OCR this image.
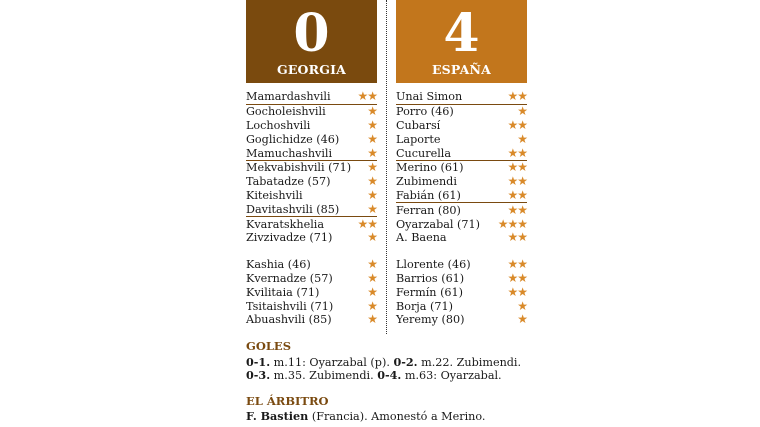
0
GEORGIA
Mamardashvili ★★
Gocholeishvili	★
Lochoshvili	★
Goglichidze (46) ★
Mamuchashvili	★
Mekvabishvili (71) ★
Tabatadze (57)	★
Kiteishvili	★
Davitashvili (85) ★
Kvaratskhelia	★★
Zivzivadze (71)	★
Kashia (46)	★
Kvernadze (57)	★
Kvilitaia (71)	★
Tsitaishvili (71)	★
Abuashvili (85)	★
4
ESPAÑA
Unai Simon	★★
Porro (46)	★
Cubarsí	★★
Laporte	★
Cucurella	★★
Merino (61)	★★
Zubimendi	★★
Fabián (61)	★★
Ferran (80)	★★
Oyarzabal (71) ★★★
A. Baena	★★
Llorente (46)	★★
Barrios (61)	★★
Fermín (61)	★★
Borja (71)	★
Yeremy (80)	★
GOLES
0-1. m.11: Oyarzabal (p). 0-2. m.22. Zubimendi. 0-3. m.35. Zubimendi. 0-4. m.63: Oyarzabal.
EL ÁRBITRO
F. Bastien (Francia). Amonestó a Merino.
